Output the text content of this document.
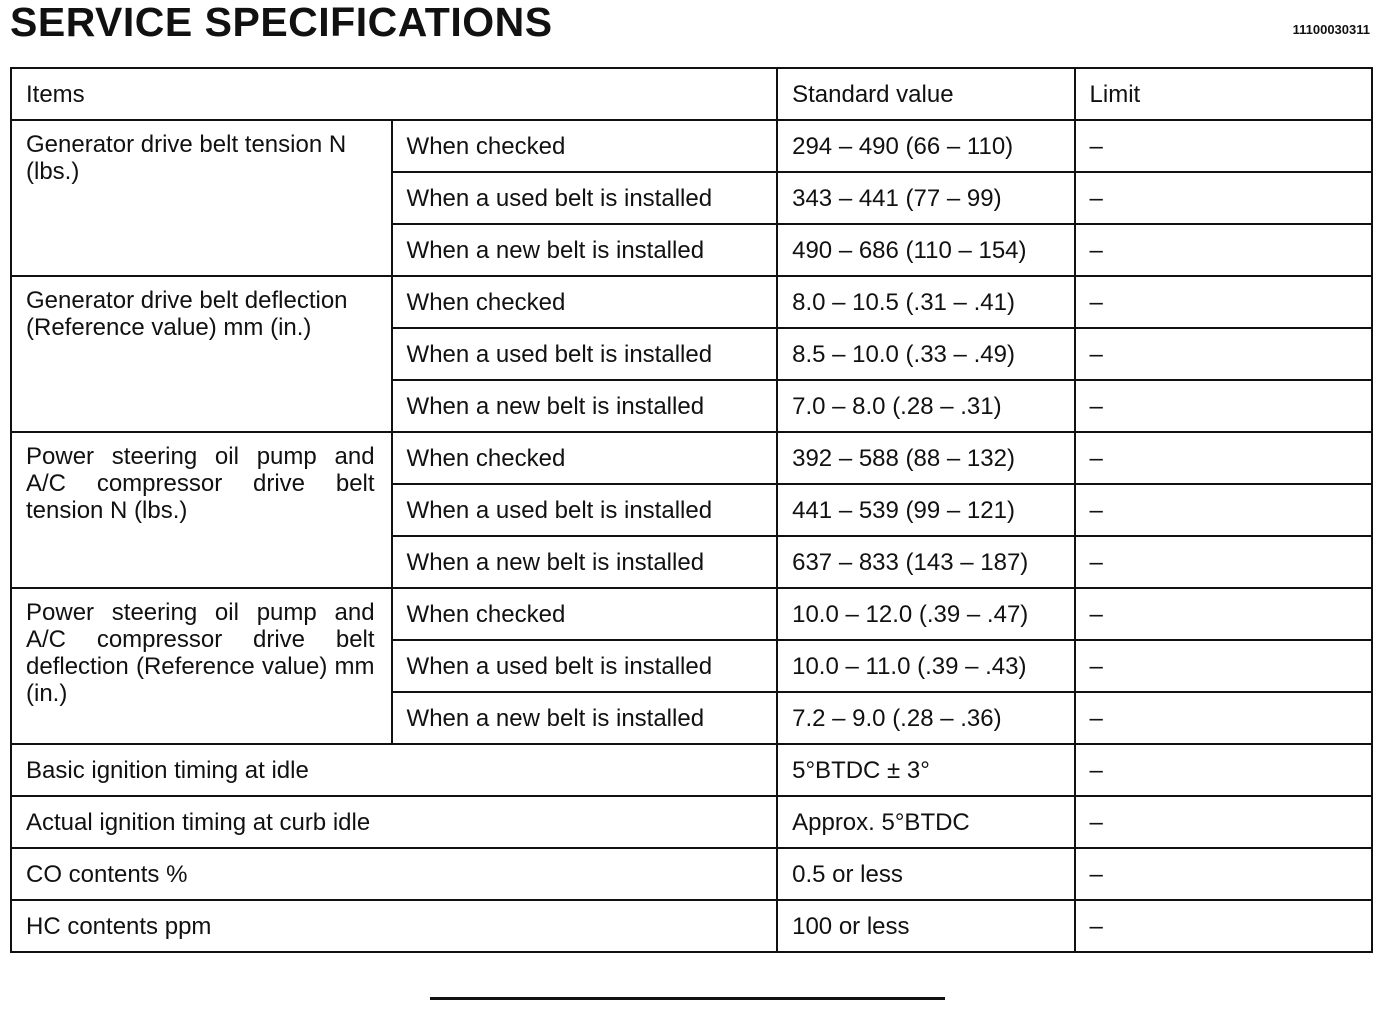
SERVICE SPECIFICATIONS	11100030311
Items		Standard value	Limit
Generator drive belt tension N (lbs.)	When checked	294 – 490 (66 – 110)	–
	When a used belt is installed	343 – 441 (77 – 99)	–
	When a new belt is installed	490 – 686 (110 – 154)	–
Generator drive belt deflection (Reference value) mm (in.)	When checked	8.0 – 10.5 (.31 – .41)	–
	When a used belt is installed	8.5 – 10.0 (.33 – .49)	–
	When a new belt is installed	7.0 – 8.0 (.28 – .31)	–
Power steering oil pump and A/C compressor drive belt tension N (lbs.)	When checked	392 – 588 (88 – 132)	–
	When a used belt is installed	441 – 539 (99 – 121)	–
	When a new belt is installed	637 – 833 (143 – 187)	–
Power steering oil pump and A/C compressor drive belt deflection (Reference value) mm (in.)	When checked	10.0 – 12.0 (.39 – .47)	–
	When a used belt is installed	10.0 – 11.0 (.39 – .43)	–
	When a new belt is installed	7.2 – 9.0 (.28 – .36)	–
Basic ignition timing at idle		5°BTDC ± 3°	–
Actual ignition timing at curb idle		Approx. 5°BTDC	–
CO contents %		0.5 or less	–
HC contents ppm		100 or less	–
